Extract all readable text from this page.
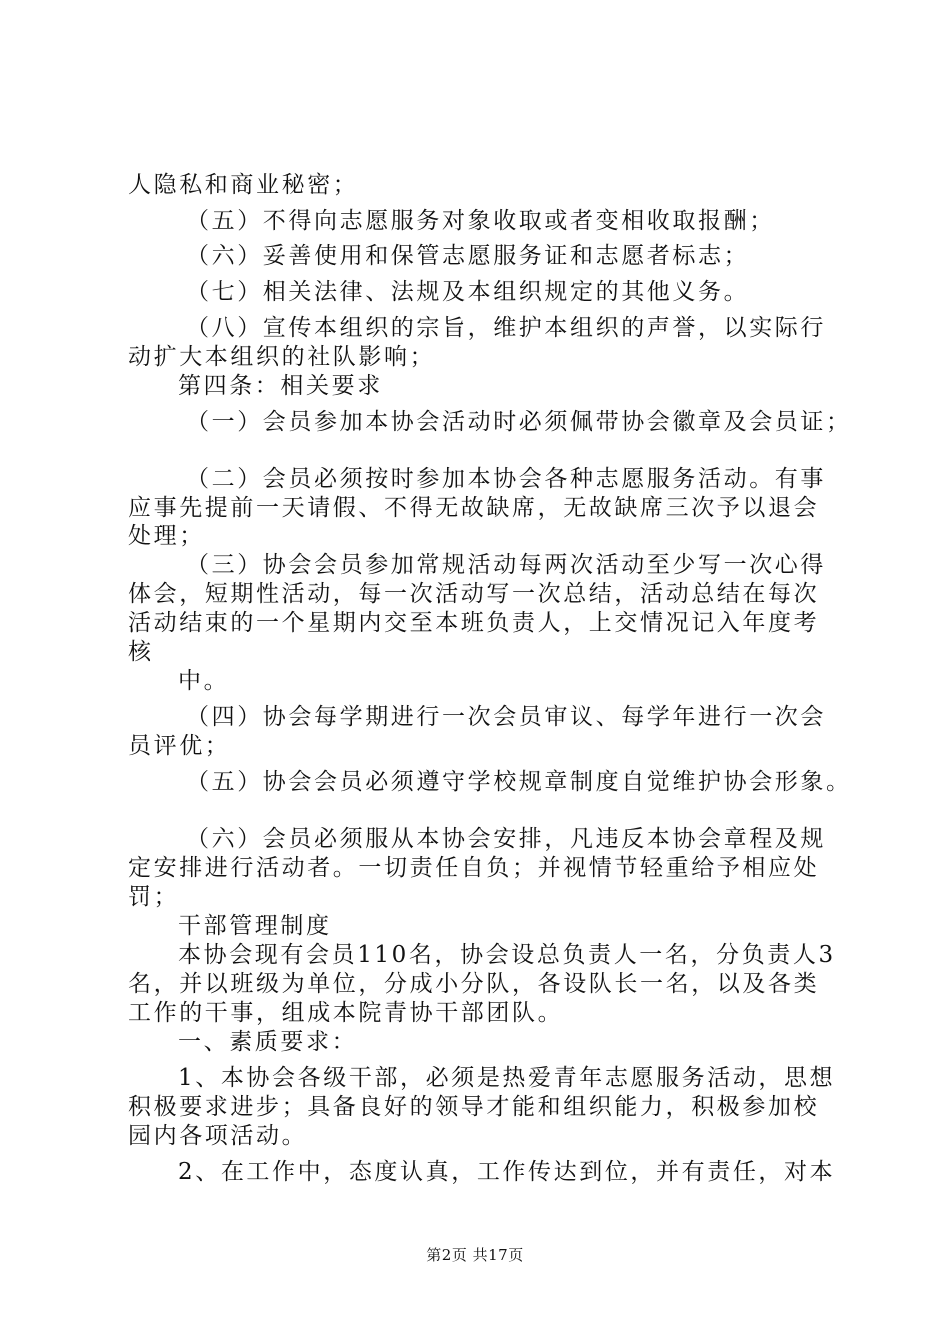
人隐私和商业秘密；
（五）不得向志愿服务对象收取或者变相收取报酬；
（六）妥善使用和保管志愿服务证和志愿者标志；
（七）相关法律、法规及本组织规定的其他义务。
（八）宣传本组织的宗旨，维护本组织的声誉，以实际行
动扩大本组织的社队影响；
第四条：相关要求
（一）会员参加本协会活动时必须佩带协会徽章及会员证；
（二）会员必须按时参加本协会各种志愿服务活动。有事
应事先提前一天请假、不得无故缺席，无故缺席三次予以退会
处理；
（三）协会会员参加常规活动每两次活动至少写一次心得
体会，短期性活动，每一次活动写一次总结，活动总结在每次
活动结束的一个星期内交至本班负责人，上交情况记入年度考
核
中。
（四）协会每学期进行一次会员审议、每学年进行一次会
员评优；
（五）协会会员必须遵守学校规章制度自觉维护协会形象。
（六）会员必须服从本协会安排，凡违反本协会章程及规
定安排进行活动者。一切责任自负；并视情节轻重给予相应处
罚；
干部管理制度
本协会现有会员110名，协会设总负责人一名，分负责人3
名，并以班级为单位，分成小分队，各设队长一名，以及各类
工作的干事，组成本院青协干部团队。
一、素质要求：
1、本协会各级干部，必须是热爱青年志愿服务活动，思想
积极要求进步；具备良好的领导才能和组织能力，积极参加校
园内各项活动。
2、在工作中，态度认真，工作传达到位，并有责任，对本
第2页 共17页
